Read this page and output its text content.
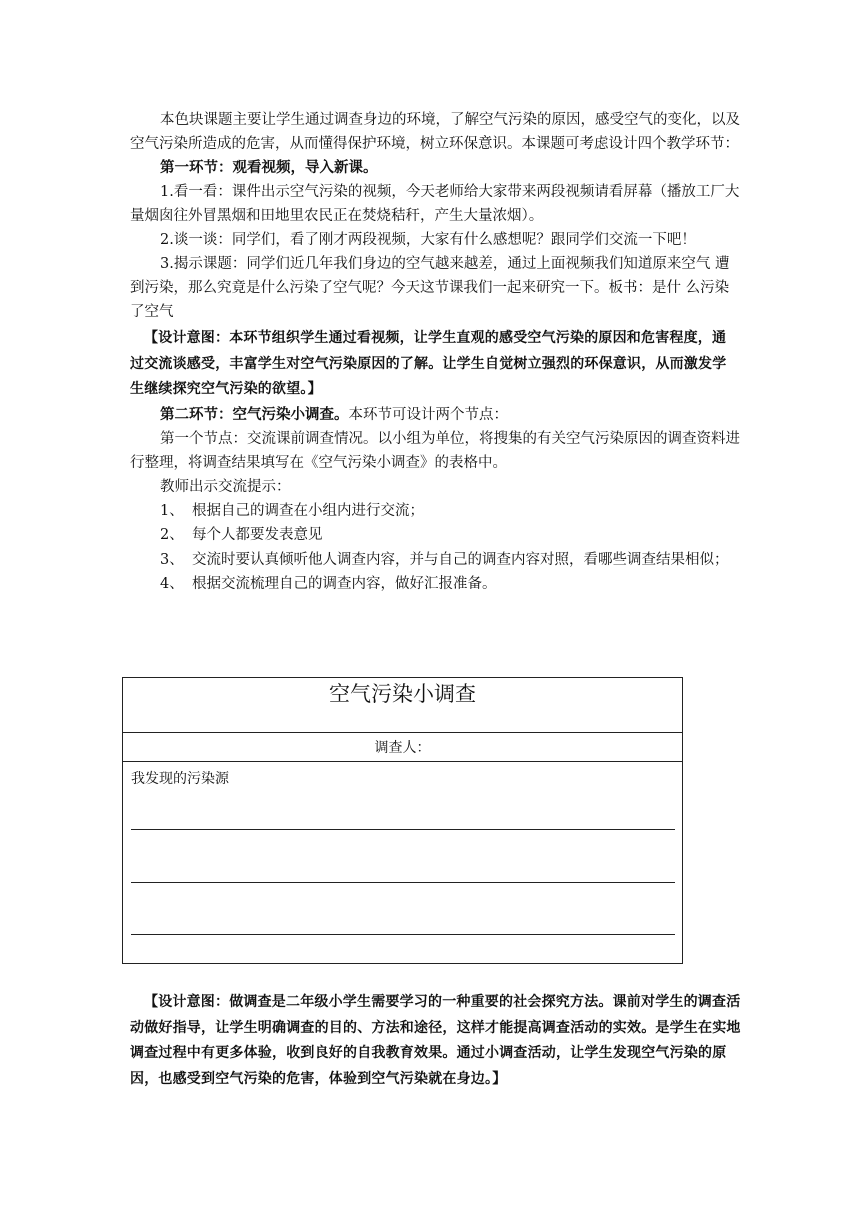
本色块课题主要让学生通过调查身边的环境，了解空气污染的原因，感受空气的变化，以及空气污染所造成的危害，从而懂得保护环境，树立环保意识。本课题可考虑设计四个教学环节：

第一环节：观看视频，导入新课。

1.看一看：课件出示空气污染的视频，今天老师给大家带来两段视频请看屏幕（播放工厂大量烟囱往外冒黑烟和田地里农民正在焚烧秸秆，产生大量浓烟）。

2.谈一谈：同学们，看了刚才两段视频，大家有什么感想呢？跟同学们交流一下吧！

3.揭示课题：同学们近几年我们身边的空气越来越差，通过上面视频我们知道原来空气 遭到污染，那么究竟是什么污染了空气呢？今天这节课我们一起来研究一下。板书：是什 么污染了空气

【设计意图：本环节组织学生通过看视频，让学生直观的感受空气污染的原因和危害程度，通过交流谈感受，丰富学生对空气污染原因的了解。让学生自觉树立强烈的环保意识，从而激发学生继续探究空气污染的欲望。】

第二环节：空气污染小调查。本环节可设计两个节点：

第一个节点：交流课前调查情况。以小组为单位，将搜集的有关空气污染原因的调查资料进行整理，将调查结果填写在《空气污染小调查》的表格中。

教师出示交流提示：

1、 根据自己的调查在小组内进行交流；

2、 每个人都要发表意见

3、 交流时要认真倾听他人调查内容，并与自己的调查内容对照，看哪些调查结果相似；

4、 根据交流梳理自己的调查内容，做好汇报准备。

空气污染小调查
调查人：
我发现的污染源

【设计意图：做调查是二年级小学生需要学习的一种重要的社会探究方法。课前对学生的调查活动做好指导，让学生明确调查的目的、方法和途径，这样才能提高调查活动的实效。是学生在实地调查过程中有更多体验，收到良好的自我教育效果。通过小调查活动，让学生发现空气污染的原因，也感受到空气污染的危害，体验到空气污染就在身边。】
